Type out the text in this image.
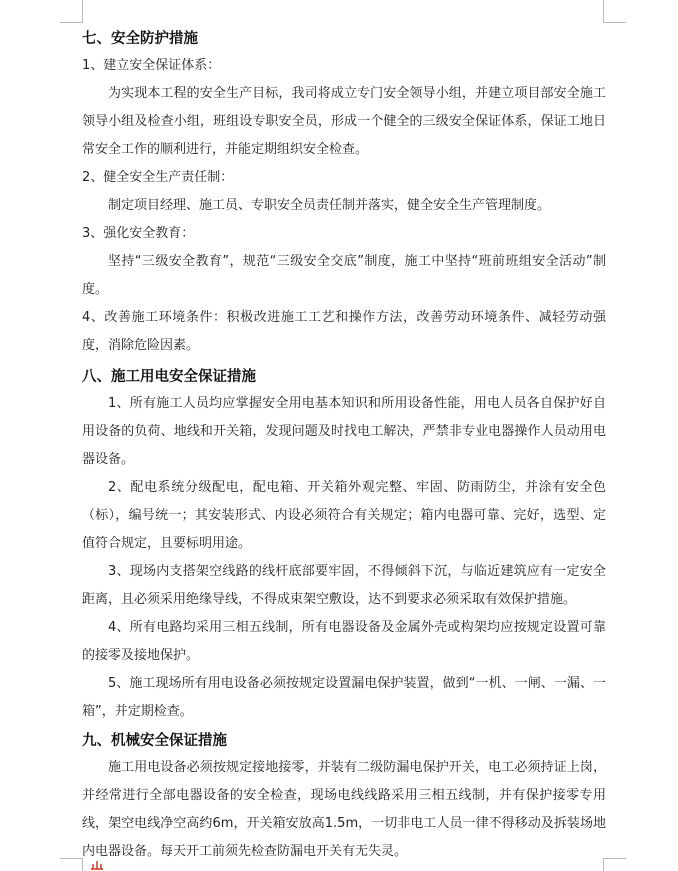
七、安全防护措施

1、建立安全保证体系：

为实现本工程的安全生产目标，我司将成立专门安全领导小组，并建立项目部安全施工领导小组及检查小组，班组设专职安全员，形成一个健全的三级安全保证体系，保证工地日常安全工作的顺利进行，并能定期组织安全检查。

2、健全安全生产责任制：

制定项目经理、施工员、专职安全员责任制并落实，健全安全生产管理制度。

3、强化安全教育：

坚持“三级安全教育”，规范“三级安全交底”制度，施工中坚持“班前班组安全活动”制度。

4、改善施工环境条件：积极改进施工工艺和操作方法，改善劳动环境条件、减轻劳动强度，消除危险因素。

八、施工用电安全保证措施

1、所有施工人员均应掌握安全用电基本知识和所用设备性能，用电人员各自保护好自用设备的负荷、地线和开关箱，发现问题及时找电工解决，严禁非专业电器操作人员动用电器设备。

2、配电系统分级配电，配电箱、开关箱外观完整、牢固、防雨防尘，并涂有安全色（标），编号统一；其安装形式、内设必须符合有关规定；箱内电器可靠、完好，选型、定值符合规定，且要标明用途。

3、现场内支搭架空线路的线杆底部要牢固，不得倾斜下沉，与临近建筑应有一定安全距离，且必须采用绝缘导线，不得成束架空敷设，达不到要求必须采取有效保护措施。

4、所有电路均采用三相五线制，所有电器设备及金属外壳或构架均应按规定设置可靠的接零及接地保护。

5、施工现场所有用电设备必须按规定设置漏电保护装置，做到“一机、一闸、一漏、一箱”，并定期检查。

九、机械安全保证措施

施工用电设备必须按规定接地接零，并装有二级防漏电保护开关，电工必须持证上岗，并经常进行全部电器设备的安全检查，现场电线线路采用三相五线制，并有保护接零专用线，架空电线净空高约6m，开关箱安放高1.5m，一切非电工人员一律不得移动及拆装场地内电器设备。每天开工前须先检查防漏电开关有无失灵。
